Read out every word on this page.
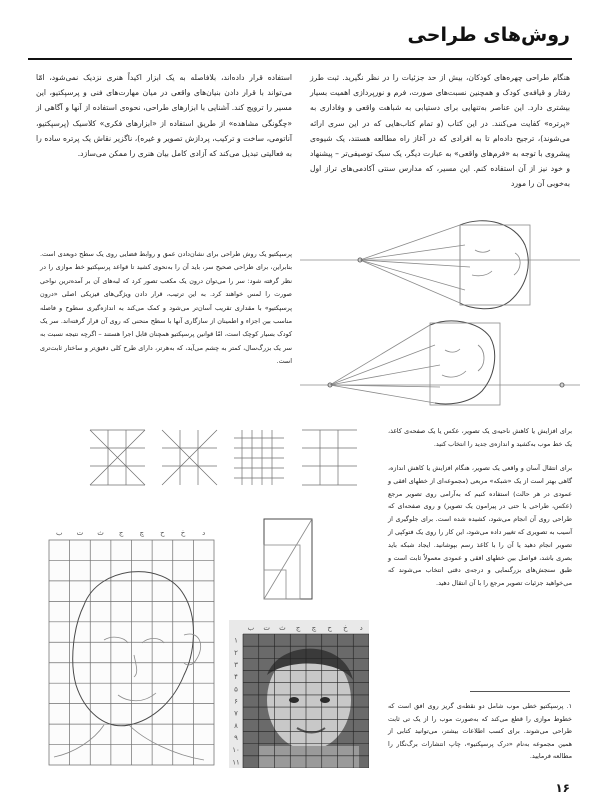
روش‌های طراحی
هنگام طراحی چهره‌های کودکان، بیش از حد جزئیات را در نظر نگیرید. ثبت طرز رفتار و قیافه‌ی کودک و همچنین نسبت‌های صورت، فرم و نورپردازی اهمیت بسیار بیشتری دارد. این عناصر به‌تنهایی برای دستیابی به شباهت واقعی و وفاداری به «پرتره» کفایت می‌کنند. در این کتاب (و تمام کتاب‌هایی که در این سری ارائه می‌شوند)، ترجیح داده‌ام تا به افرادی که در آغاز راه مطالعه هستند، یک شیوه‌ی پیشروی با توجه به «فرم‌های واقعی» به عبارت دیگر، یک سبک توصیفی‌تر – پیشنهاد و خود نیز از آن استفاده کنم. این مسیر، که مدارس سنتی آکادمی‌های تراز اول به‌خوبی آن را مورد
استفاده قرار داده‌اند، بلافاصله به یک ابزار اکیداً هنری نزدیک نمی‌شود، امّا می‌تواند با قرار دادن بنیان‌های واقعی در میان مهارت‌های فنی و پرسپکتیو، این مسیر را ترویج کند. آشنایی با ابزارهای طراحی، نحوه‌ی استفاده از آنها و آگاهی از «چگونگی مشاهده» از طریق استفاده از «ابزارهای فکری» کلاسیک (پرسپکتیو، آناتومی، ساخت و ترکیب، پردازش تصویر و غیره)، ناگزیر نقاش یک پرتره ساده را به فعالیتی تبدیل می‌کند که آزادی کامل بیان هنری را ممکن می‌سازد.
پرسپکتیو یک روش طراحی برای نشان‌دادن عمق و روابط فضایی روی یک سطح دوبعدی است. بنابراین، برای طراحی صحیح سر، باید آن را به‌نحوی کشید تا قواعد پرسپکتیو خط موازی را در نظر گرفته شود: سر را می‌توان درون یک مکعب تصور کرد که لبه‌های آن بر آمده‌ترین نواحی صورت را لمس خواهند کرد. به این ترتیب، قرار دادن ویژگی‌های فیزیکی اصلی «درون پرسپکتیو» با مقداری تقریب آسان‌تر می‌شود و کمک می‌کند به اندازه‌گیری سطوح و فاصله مناسب بین اجزاء و اطمینان از سازگاری آنها با سطح منحنی که روی آن قرار گرفته‌اند. سر یک کودک بسیار کوچک است، امّا قوانین پرسپکتیو همچنان قابل اجرا هستند – اگرچه نتیجه نسبت به سر یک بزرگ‌سال، کمتر به چشم می‌آید، که به‌هرتر، دارای طرح کلی دقیق‌تر و ساختار ثابت‌تری است.
ب ت ث ج چ ح خ د
ب ت ث ج چ ح خ د
۱
۲
۳
۴
۵
۶
۷
۸
۹
۱۰
۱۱
برای افزایش یا کاهش ناحیه‌ی یک تصویر، عکس یا یک صفحه‌ی کاغذ، یک خط موب به‌کشید و اندازه‌ی جدید را انتخاب کنید.
برای انتقال آسان و واقعی یک تصویر، هنگام افزایش یا کاهش اندازه، گاهی بهتر است از یک «شبکه» مربعی (مجموعه‌ای از خطهای افقی و عمودی در هر حالت) استفاده کنیم که به‌آرامی روی تصویر مرجع (عکس، طراحی یا حتی در پیرامون یک تصویر) و روی صفحه‌ای که طراحی روی آن انجام می‌شود، کشیده شده است. برای جلوگیری از آسیب به تصویری که تغییر داده می‌شود، این کار را روی یک فتوکپی از تصویر انجام دهید یا آن را با کاغذ رسم بپوشانید. ایجاد شبکه باید بصری باشد، فواصل بین خطهای افقی و عمودی معمولاً ثابت است و طبق سنجش‌های بزرگنمایی و درجه‌ی دقتی انتخاب می‌شوند که می‌خواهید جزئیات تصویر مرجع را با آن انتقال دهید.
۱. پرسپکتیو خطی موب شامل دو نقطه‌ی گریز روی افق است که خطوط موازی را قطع می‌کند که به‌صورت موب را از یک تی ثابت طراحی می‌شوند. برای کسب اطلاعات بیشتر، می‌توانید کتابی از همین مجموعه به‌نام «درک پرسپکتیو»، چاپ انتشارات برگ‌نگار را مطالعه فرمایید.
۱۶
